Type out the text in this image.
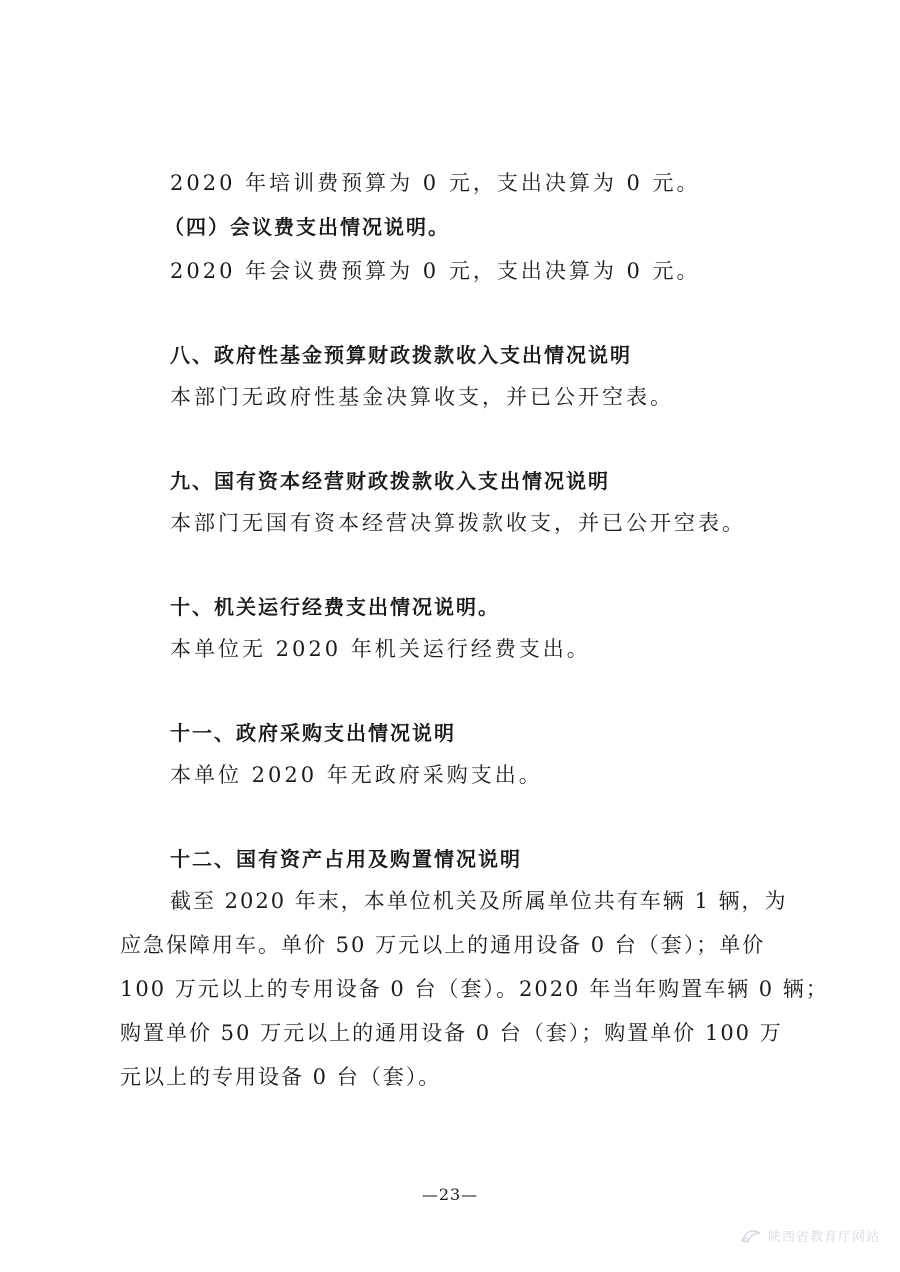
2020 年培训费预算为 0 元，支出决算为 0 元。
（四）会议费支出情况说明。
2020 年会议费预算为 0 元，支出决算为 0 元。
八、政府性基金预算财政拨款收入支出情况说明
本部门无政府性基金决算收支，并已公开空表。
九、国有资本经营财政拨款收入支出情况说明
本部门无国有资本经营决算拨款收支，并已公开空表。
十、机关运行经费支出情况说明。
本单位无 2020 年机关运行经费支出。
十一、政府采购支出情况说明
本单位 2020 年无政府采购支出。
十二、国有资产占用及购置情况说明
截至 2020 年末，本单位机关及所属单位共有车辆 1 辆，为
应急保障用车。单价 50 万元以上的通用设备 0 台（套）；单价
100 万元以上的专用设备 0 台（套）。2020 年当年购置车辆 0 辆；
购置单价 50 万元以上的通用设备 0 台（套）；购置单价 100 万
元以上的专用设备 0 台（套）。
—23—
陕西省教育厅网站
